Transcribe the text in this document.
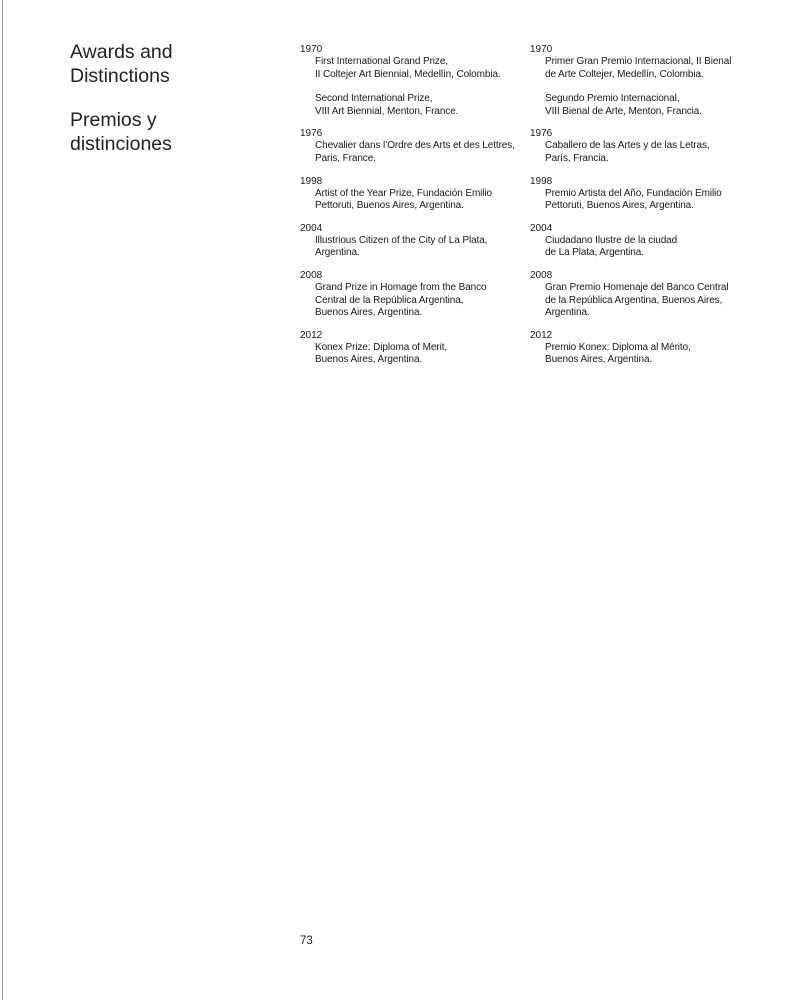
Awards and
Distinctions
Premios y
distinciones
1970
First International Grand Prize,
II Coltejer Art Biennial, Medellín, Colombia.
Second International Prize,
VIII Art Biennial, Menton, France.
1976
Chevalier dans l’Ordre des Arts et des Lettres,
Paris, France.
1998
Artist of the Year Prize, Fundación Emilio
Pettoruti, Buenos Aires, Argentina.
2004
Illustrious Citizen of the City of La Plata,
Argentina.
2008
Grand Prize in Homage from the Banco
Central de la República Argentina,
Buenos Aires, Argentina.
2012
Konex Prize: Diploma of Merit,
Buenos Aires, Argentina.
1970
Primer Gran Premio Internacional, II Bienal
de Arte Coltejer, Medellín, Colombia.
Segundo Premio Internacional,
VIII Bienal de Arte, Menton, Francia.
1976
Caballero de las Artes y de las Letras,
París, Francia.
1998
Premio Artista del Año, Fundación Emilio
Pettoruti, Buenos Aires, Argentina.
2004
Ciudadano Ilustre de la ciudad
de La Plata, Argentina.
2008
Gran Premio Homenaje del Banco Central
de la República Argentina, Buenos Aires,
Argentina.
2012
Premio Konex: Diploma al Mérito,
Buenos Aires, Argentina.
73
